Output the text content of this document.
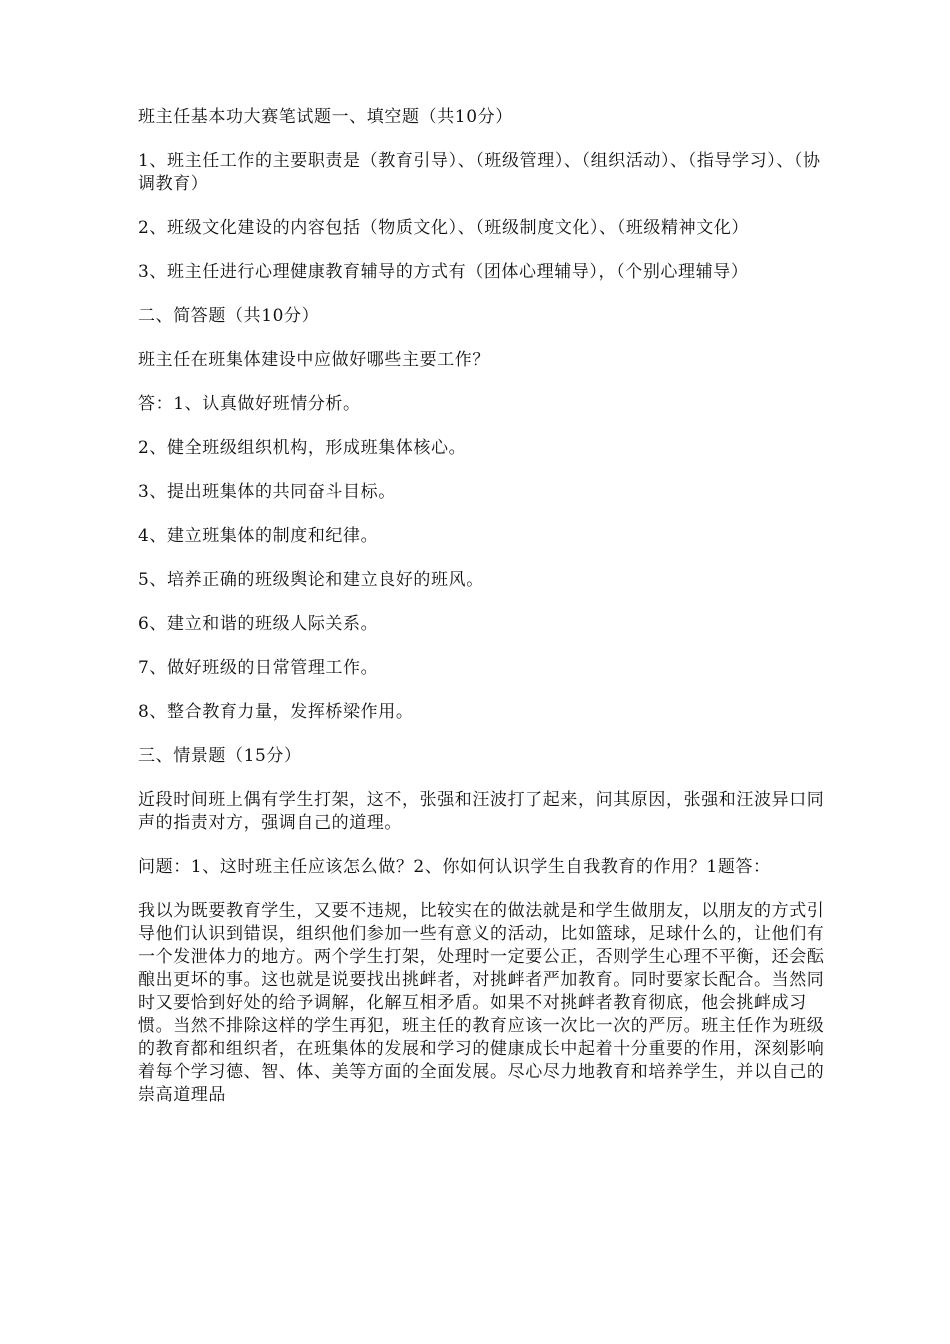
班主任基本功大赛笔试题一、填空题（共10分）

1、班主任工作的主要职责是（教育引导）、（班级管理）、（组织活动）、（指导学习）、（协调教育）

2、班级文化建设的内容包括（物质文化）、（班级制度文化）、（班级精神文化）

3、班主任进行心理健康教育辅导的方式有（团体心理辅导），（个别心理辅导）

二、简答题（共10分）

班主任在班集体建设中应做好哪些主要工作？

答：1、认真做好班情分析。

2、健全班级组织机构，形成班集体核心。

3、提出班集体的共同奋斗目标。

4、建立班集体的制度和纪律。

5、培养正确的班级舆论和建立良好的班风。

6、建立和谐的班级人际关系。

7、做好班级的日常管理工作。

8、整合教育力量，发挥桥梁作用。

三、情景题（15分）

近段时间班上偶有学生打架，这不，张强和汪波打了起来，问其原因，张强和汪波异口同声的指责对方，强调自己的道理。

问题：1、这时班主任应该怎么做？2、你如何认识学生自我教育的作用？1题答：

我以为既要教育学生，又要不违规，比较实在的做法就是和学生做朋友，以朋友的方式引导他们认识到错误，组织他们参加一些有意义的活动，比如篮球，足球什么的，让他们有一个发泄体力的地方。两个学生打架，处理时一定要公正，否则学生心理不平衡，还会酝酿出更坏的事。这也就是说要找出挑衅者，对挑衅者严加教育。同时要家长配合。当然同时又要恰到好处的给予调解，化解互相矛盾。如果不对挑衅者教育彻底，他会挑衅成习惯。当然不排除这样的学生再犯，班主任的教育应该一次比一次的严厉。班主任作为班级的教育都和组织者，在班集体的发展和学习的健康成长中起着十分重要的作用，深刻影响着每个学习德、智、体、美等方面的全面发展。尽心尽力地教育和培养学生，并以自己的崇高道理品
